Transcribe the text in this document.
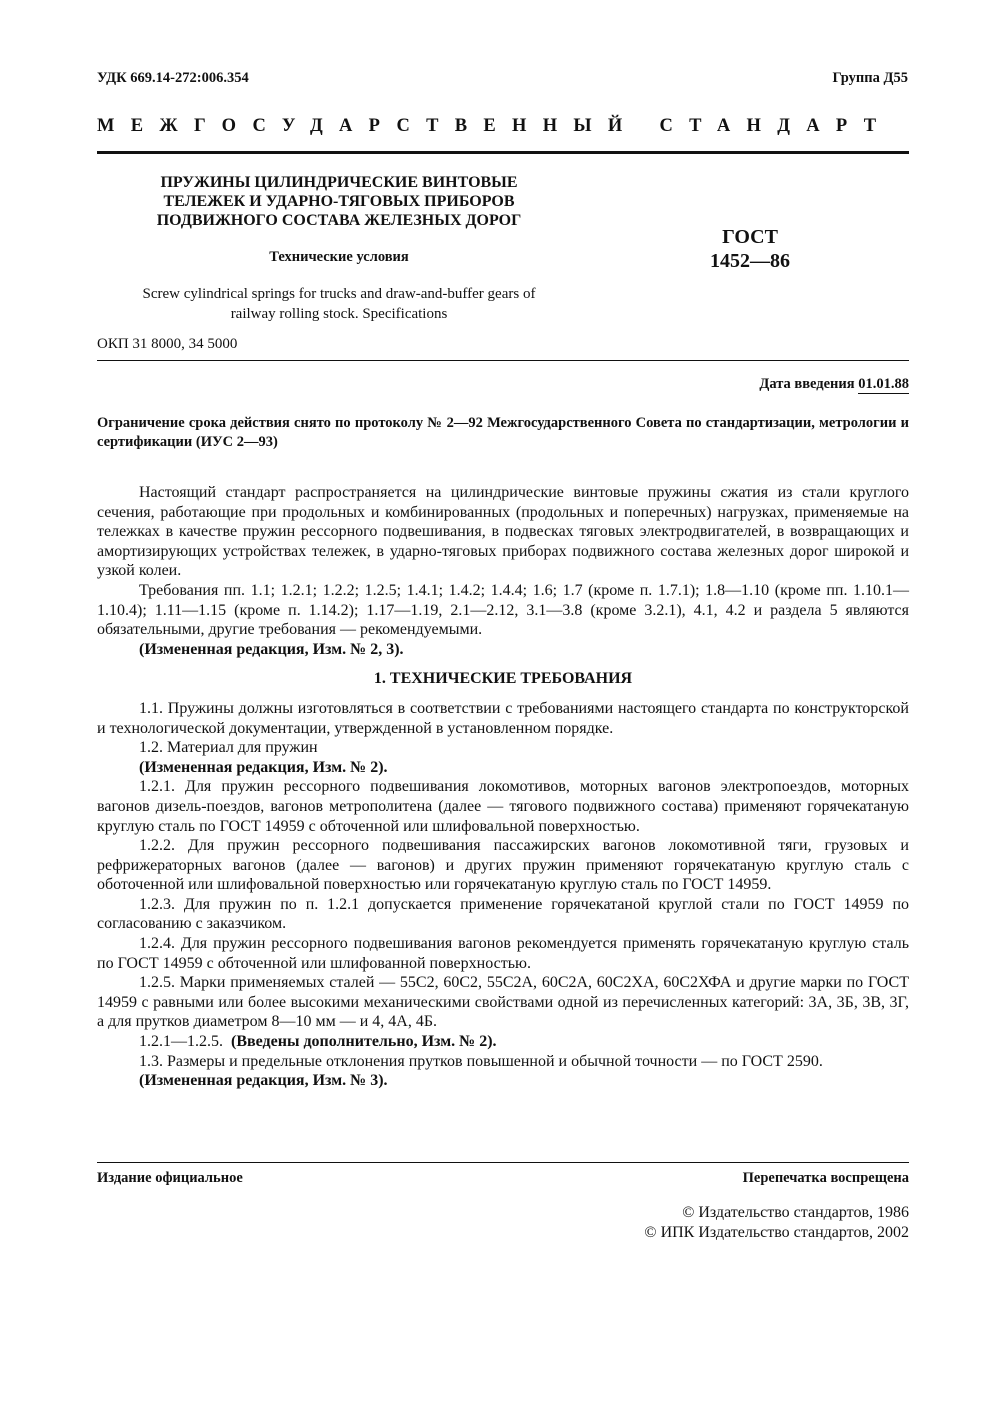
УДК 669.14-272:006.354	Группа Д55
МЕЖГОСУДАРСТВЕННЫЙ СТАНДАРТ
ПРУЖИНЫ ЦИЛИНДРИЧЕСКИЕ ВИНТОВЫЕ
ТЕЛЕЖЕК И УДАРНО-ТЯГОВЫХ ПРИБОРОВ
ПОДВИЖНОГО СОСТАВА ЖЕЛЕЗНЫХ ДОРОГ
Технические условия
Screw cylindrical springs for trucks and draw-and-buffer gears of
railway rolling stock. Specifications
ГОСТ
1452—86
ОКП 31 8000, 34 5000
Дата введения 01.01.88
Ограничение срока действия снято по протоколу № 2—92 Межгосударственного Совета по стандартизации, метрологии и сертификации (ИУС 2—93)

Настоящий стандарт распространяется на цилиндрические винтовые пружины сжатия из стали круглого сечения, работающие при продольных и комбинированных (продольных и поперечных) нагрузках, применяемые на тележках в качестве пружин рессорного подвешивания, в подвесках тяговых электродвигателей, в возвращающих и амортизирующих устройствах тележек, в ударно-тяговых приборах подвижного состава железных дорог широкой и узкой колеи.

Требования пп. 1.1; 1.2.1; 1.2.2; 1.2.5; 1.4.1; 1.4.2; 1.4.4; 1.6; 1.7 (кроме п. 1.7.1); 1.8—1.10 (кроме пп. 1.10.1—1.10.4); 1.11—1.15 (кроме п. 1.14.2); 1.17—1.19, 2.1—2.12, 3.1—3.8 (кроме 3.2.1), 4.1, 4.2 и раздела 5 являются обязательными, другие требования — рекомендуемыми.

(Измененная редакция, Изм. № 2, 3).

1. ТЕХНИЧЕСКИЕ ТРЕБОВАНИЯ

1.1. Пружины должны изготовляться в соответствии с требованиями настоящего стандарта по конструкторской и технологической документации, утвержденной в установленном порядке.

1.2. Материал для пружин

(Измененная редакция, Изм. № 2).

1.2.1. Для пружин рессорного подвешивания локомотивов, моторных вагонов электропоездов, моторных вагонов дизель-поездов, вагонов метрополитена (далее — тягового подвижного состава) применяют горячекатаную круглую сталь по ГОСТ 14959 с обточенной или шлифовальной поверхностью.

1.2.2. Для пружин рессорного подвешивания пассажирских вагонов локомотивной тяги, грузовых и рефрижераторных вагонов (далее — вагонов) и других пружин применяют горячекатаную круглую сталь с оботоченной или шлифовальной поверхностью или горячекатаную круглую сталь по ГОСТ 14959.

1.2.3. Для пружин по п. 1.2.1 допускается применение горячекатаной круглой стали по ГОСТ 14959 по согласованию с заказчиком.

1.2.4. Для пружин рессорного подвешивания вагонов рекомендуется применять горячекатаную круглую сталь по ГОСТ 14959 с обточенной или шлифованной поверхностью.

1.2.5. Марки применяемых сталей — 55С2, 60С2, 55С2А, 60С2А, 60С2ХА, 60С2ХФА и другие марки по ГОСТ 14959 с равными или более высокими механическими свойствами одной из перечисленных категорий: 3А, 3Б, 3В, 3Г, а для прутков диаметром 8—10 мм — и 4, 4А, 4Б.

1.2.1—1.2.5. (Введены дополнительно, Изм. № 2).

1.3. Размеры и предельные отклонения прутков повышенной и обычной точности — по ГОСТ 2590.

(Измененная редакция, Изм. № 3).

Издание официальное	Перепечатка воспрещена
© Издательство стандартов, 1986
© ИПК Издательство стандартов, 2002
